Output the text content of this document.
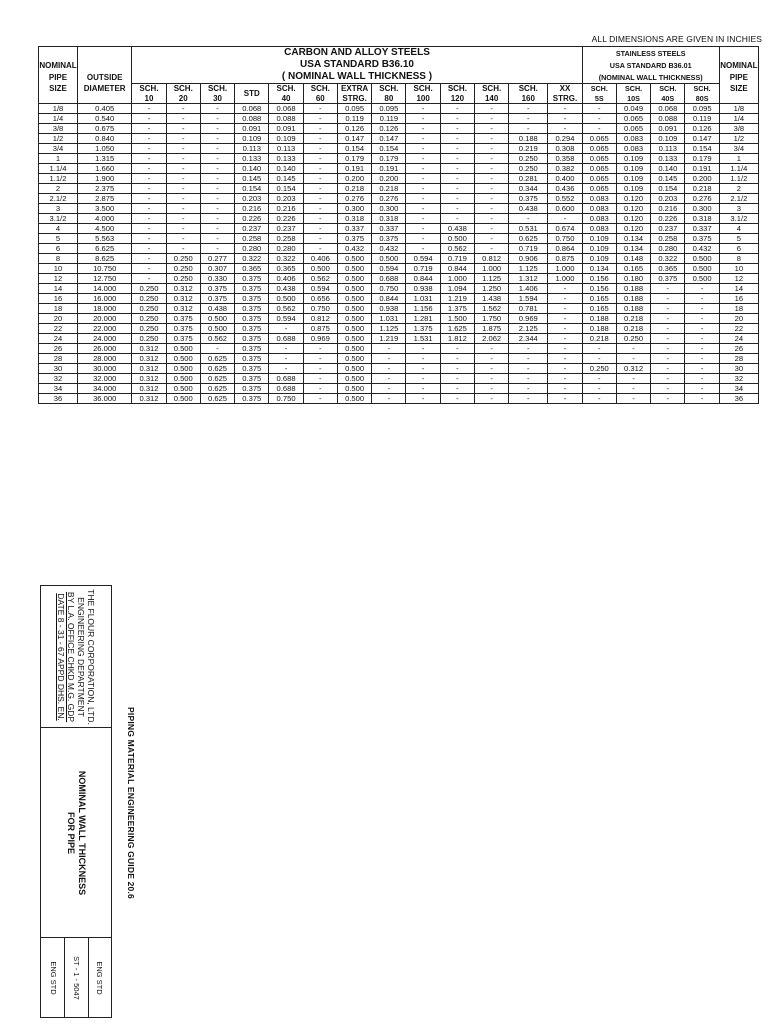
ALL DIMENSIONS ARE GIVEN IN INCHIES
		CARBON AND ALLOY STEELS													STAINLESS STEELS				
NOMINAL		USA STANDARD B36.10													USA STANDARD B36.01				NOMINAL
PIPE	OUTSIDE	( NOMINAL WALL THICKNESS )													(NOMINAL WALL THICKNESS)				PIPE
SIZE	DIAMETER	SCH.	SCH.	SCH.	STD	SCH.	SCH.	EXTRA	SCH.	SCH.	SCH.	SCH.	SCH.	XX	SCH.	SCH.	SCH.	SCH.	SIZE
		10	20	30		40	60	STRG.	80	100	120	140	160	STRG.	5S	10S	40S	80S	
1/8	0.405	-	-	-	0.068	0.068	-	0.095	0.095	-	-	-	-	-	-	0.049	0.068	0.095	1/8
1/4	0.540	-	-	-	0.088	0.088	-	0.119	0.119	-	-	-	-	-	-	0.065	0.088	0.119	1/4
3/8	0.675	-	-	-	0.091	0.091	-	0.126	0.126	-	-	-	-	-	-	0.065	0.091	0.126	3/8
1/2	0.840	-	-	-	0.109	0.109	-	0.147	0.147	-	-	-	0.188	0.294	0.065	0.083	0.109	0.147	1/2
3/4	1.050	-	-	-	0.113	0.113	-	0.154	0.154	-	-	-	0.219	0.308	0.065	0.083	0.113	0.154	3/4
1	1.315	-	-	-	0.133	0.133	-	0.179	0.179	-	-	-	0.250	0.358	0.065	0.109	0.133	0.179	1
1.1/4	1.660	-	-	-	0.140	0.140	-	0.191	0.191	-	-	-	0.250	0.382	0.065	0.109	0.140	0.191	1.1/4
1.1/2	1.900	-	-	-	0.145	0.145	-	0.200	0.200	-	-	-	0.281	0.400	0.065	0.109	0.145	0.200	1.1/2
2	2.375	-	-	-	0.154	0.154	-	0.218	0.218	-	-	-	0.344	0.436	0.065	0.109	0.154	0.218	2
2.1/2	2.875	-	-	-	0.203	0.203	-	0.276	0.276	-	-	-	0.375	0.552	0.083	0.120	0.203	0.276	2.1/2
3	3.500	-	-	-	0.216	0.216	-	0.300	0.300	-	-	-	0.438	0.600	0.083	0.120	0.216	0.300	3
3.1/2	4.000	-	-	-	0.226	0.226	-	0.318	0.318	-	-	-	-	-	0.083	0.120	0.226	0.318	3.1/2
4	4.500	-	-	-	0.237	0.237	-	0.337	0.337	-	0.438	-	0.531	0.674	0.083	0.120	0.237	0.337	4
5	5.563	-	-	-	0.258	0.258	-	0.375	0.375	-	0.500	-	0.625	0.750	0.109	0.134	0.258	0.375	5
6	6.625	-	-	-	0.280	0.280	-	0.432	0.432	-	0.562	-	0.719	0.864	0.109	0.134	0.280	0.432	6
8	8.625	-	0.250	0.277	0.322	0.322	0.406	0.500	0.500	0.594	0.719	0.812	0.906	0.875	0.109	0.148	0.322	0.500	8
10	10.750	-	0.250	0.307	0.365	0.365	0.500	0.500	0.594	0.719	0.844	1.000	1.125	1.000	0.134	0.165	0.365	0.500	10
12	12.750	-	0.250	0.330	0.375	0.406	0.562	0.500	0.688	0.844	1.000	1.125	1.312	1.000	0.156	0.180	0.375	0.500	12
14	14.000	0.250	0.312	0.375	0.375	0.438	0.594	0.500	0.750	0.938	1.094	1.250	1.406	-	0.156	0.188	-	-	14
16	16.000	0.250	0.312	0.375	0.375	0.500	0.656	0.500	0.844	1.031	1.219	1.438	1.594	-	0.165	0.188	-	-	16
18	18.000	0.250	0.312	0.438	0.375	0.562	0.750	0.500	0.938	1.156	1.375	1.562	0.781	-	0.165	0.188	-	-	18
20	20.000	0.250	0.375	0.500	0.375	0.594	0.812	0.500	1.031	1.281	1.500	1.750	0.969	-	0.188	0.218	-	-	20
22	22.000	0.250	0.375	0.500	0.375	-	0.875	0.500	1.125	1.375	1.625	1.875	2.125	-	0.188	0.218	-	-	22
24	24.000	0.250	0.375	0.562	0.375	0.688	0.969	0.500	1.219	1.531	1.812	2.062	2.344	-	0.218	0.250	-	-	24
26	26.000	0.312	0.500	-	0.375	-	-	0.500	-	-	-	-	-	-	-	-	-	-	26
28	28.000	0.312	0.500	0.625	0.375	-	-	0.500	-	-	-	-	-	-	-	-	-	-	28
30	30.000	0.312	0.500	0.625	0.375	-	-	0.500	-	-	-	-	-	-	0.250	0.312	-	-	30
32	32.000	0.312	0.500	0.625	0.375	0.688	-	0.500	-	-	-	-	-	-	-	-	-	-	32
34	34.000	0.312	0.500	0.625	0.375	0.688	-	0.500	-	-	-	-	-	-	-	-	-	-	34
36	36.000	0.312	0.500	0.625	0.375	0.750	-	0.500	-	-	-	-	-	-	-	-	-	-	36
THE FLOUR CORPORATION, LTD.
ENGINEERING DEPARTMENT
BY L.A. OFFICE CHKD M.G. GDP
DATE 8 - 31 - 67 APPD DHS. EN.
NOMINAL WALL THICKNESS
FOR PIPE
ENG STD ST - 1 - 5047 ENG STD
PIPING MATERIAL ENGINEERING GUIDE 20.6
